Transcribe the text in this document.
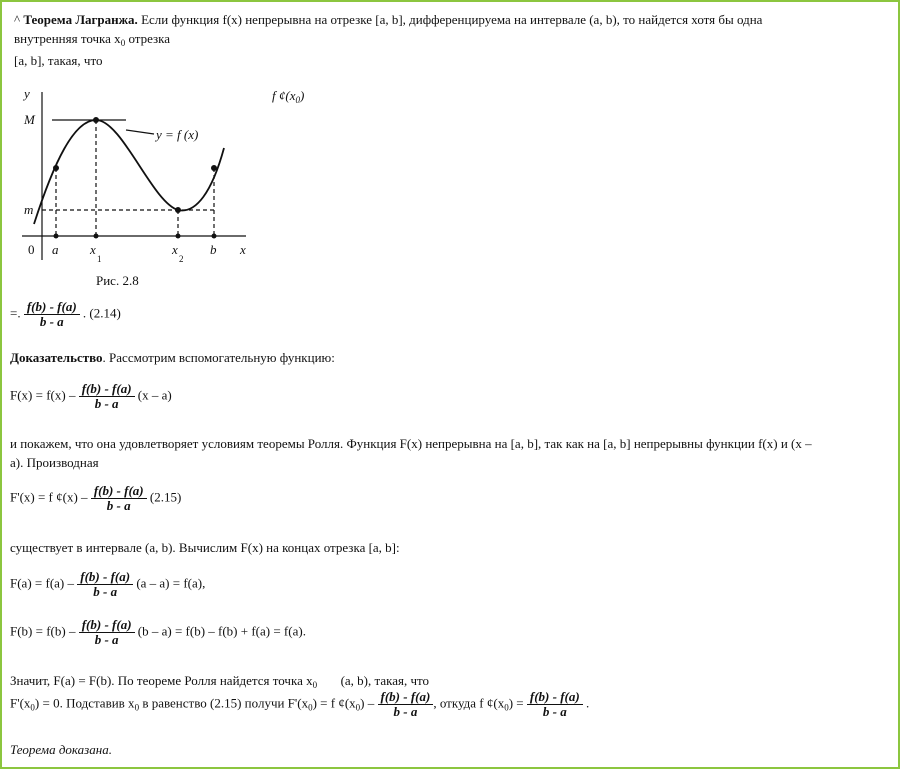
^ Теорема Лагранжа. Если функция f(x) непрерывна на отрезке [a, b], дифференцируема на интервале (a, b), то найдется хотя бы одна
внутренняя точка $x_0$ отрезка
[a, b], такая, что
f $¢(x_0)$
y
M
m
0 a x
1
x
2
b x
y = f (x)
Рис. 2.8
=. $\frac{f(b) - f(a)}{b - a}$ . (2.14)
Доказательство. Рассмотрим вспомогательную функцию:
$F(x) = f(x) - \frac{f(b) - f(a)}{b - a} (x - a)$
и покажем, что она удовлетворяет условиям теоремы Ролля. Функция F(x) непрерывна на [a, b], так как на [a, b] непрерывны функции f(x) и (x –
a). Производная
F'(x) = f ¢(x) – $\frac{f(b) - f(a)}{b - a} (2.15)$
существует в интервале (a, b). Вычислим F(x) на концах отрезка [a, b]:
$F(a) = f(a) - \frac{f(b) - f(a)}{b - a} (a - a) = f(a)$,
$F(b) = f(b) - \frac{f(b) - f(a)}{b - a} (b - a) = f(b) - f(b) + f(a) = f(a)$.
Значит, F(a) = F(b). По теореме Ролля найдется точка $x_0$   (a, b), такая, что
$F'(x_0) = 0$. Подставив $x_0$ в равенство (2.15) получи $F'(x_0) = f$ $¢(x_0) - \frac{f(b) - f(a)}{b - a}$ , откуда f $¢(x_0) = \frac{f(b) - f(a)}{b - a}$ .
Теорема доказана.
